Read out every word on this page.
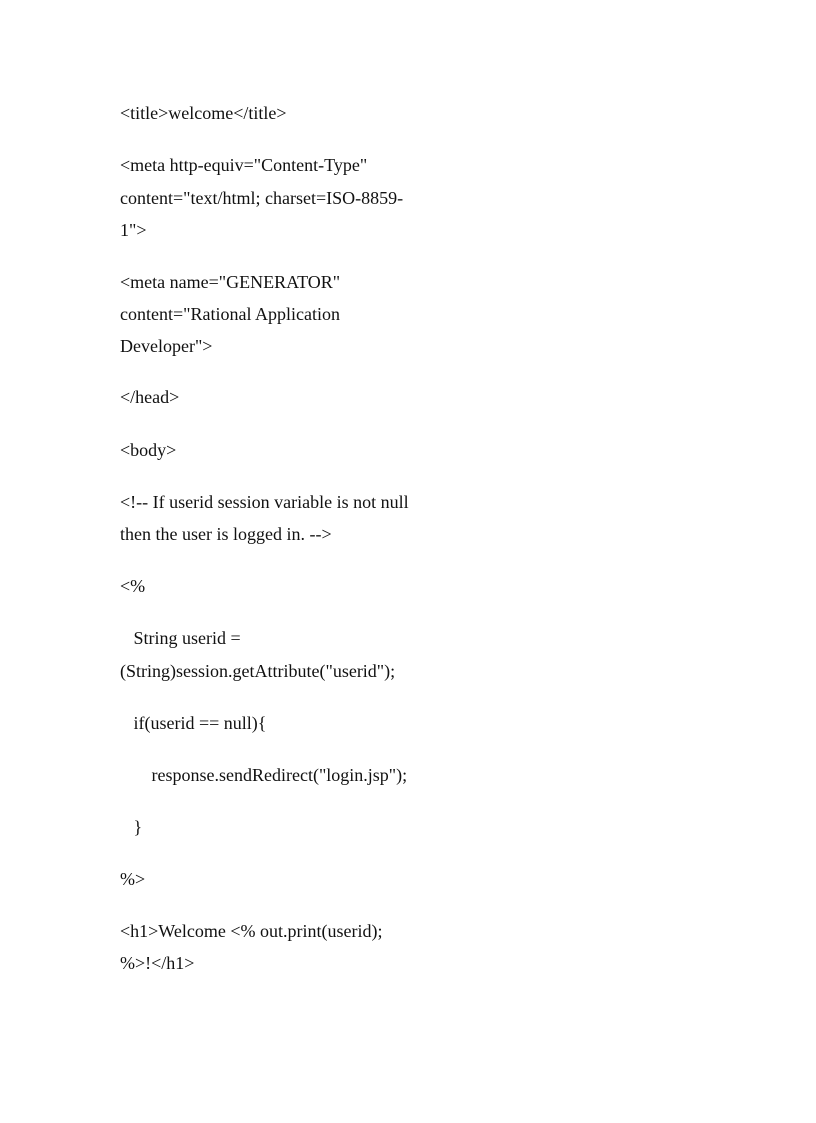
<title>welcome</title>

<meta http-equiv="Content-Type"

content="text/html; charset=ISO-8859-

1">

<meta name="GENERATOR"

content="Rational Application

Developer">

</head>

<body>

<!-- If userid session variable is not null

then the user is logged in. -->

<%

String userid =

(String)session.getAttribute("userid");

if(userid == null){

response.sendRedirect("login.jsp");

}

%>

<h1>Welcome <% out.print(userid);

%>!</h1>
